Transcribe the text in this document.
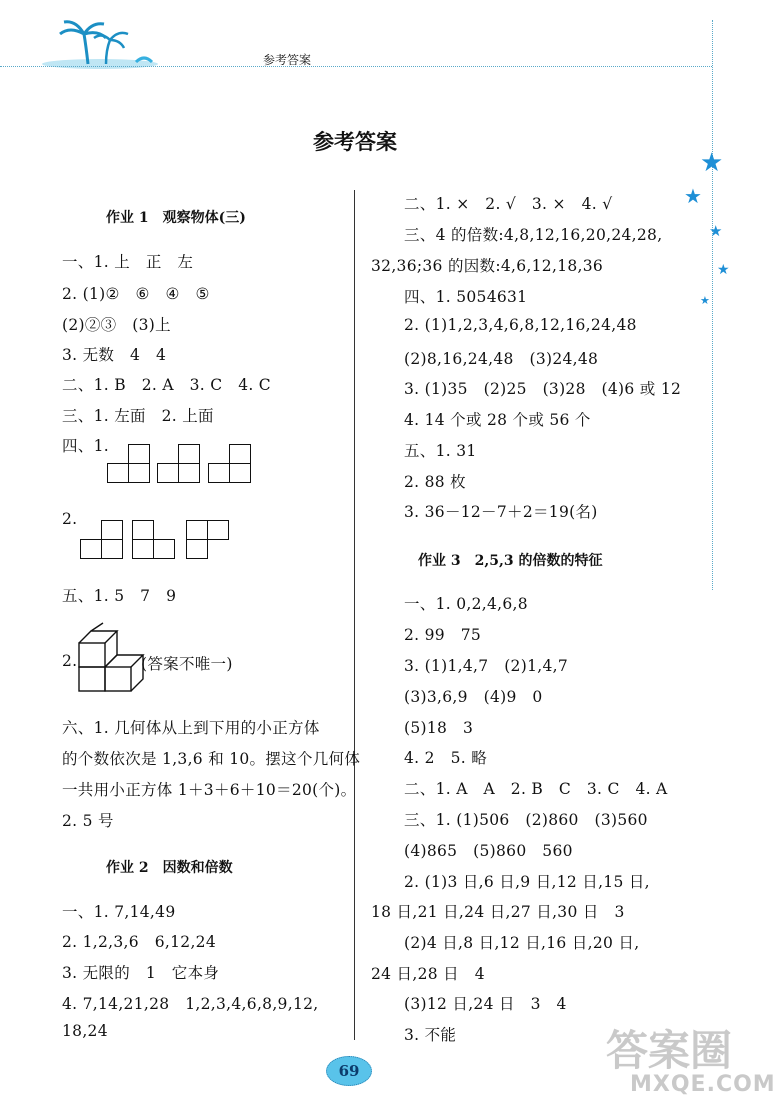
参考答案
★
★
★
★
★
参考答案
作业 1　观察物体(三)
一、1. 上　正　左
2. (1)②　⑥　④　⑤
(2)②③　(3)上
3. 无数　4　4
二、1. B　2. A　3. C　4. C
三、1. 左面　2. 上面
四、1.
2.
五、1. 5　7　9
2.	(答案不唯一)
六、1. 几何体从上到下用的小正方体
的个数依次是 1,3,6 和 10。摆这个几何体
一共用小正方体 1＋3＋6＋10＝20(个)。
2. 5 号
作业 2　因数和倍数
一、1. 7,14,49
2. 1,2,3,6　6,12,24
3. 无限的　1　它本身
4. 7,14,21,28　1,2,3,4,6,8,9,12,
18,24
二、1. ×　2. √　3. ×　4. √
三、4 的倍数:4,8,12,16,20,24,28,
32,36;36 的因数:4,6,12,18,36
四、1. 5054631
2. (1)1,2,3,4,6,8,12,16,24,48
(2)8,16,24,48　(3)24,48
3. (1)35　(2)25　(3)28　(4)6 或 12
4. 14 个或 28 个或 56 个
五、1. 31
2. 88 枚
3. 36－12－7＋2＝19(名)
作业 3　2,5,3 的倍数的特征
一、1. 0,2,4,6,8
2. 99　75
3. (1)1,4,7　(2)1,4,7
(3)3,6,9　(4)9　0
(5)18　3
4. 2　5. 略
二、1. A　A　2. B　C　3. C　4. A
三、1. (1)506　(2)860　(3)560
(4)865　(5)860　560
2. (1)3 日,6 日,9 日,12 日,15 日,
18 日,21 日,24 日,27 日,30 日　3
(2)4 日,8 日,12 日,16 日,20 日,
24 日,28 日　4
(3)12 日,24 日　3　4
3. 不能
69	答案圈
MXQE.COM
